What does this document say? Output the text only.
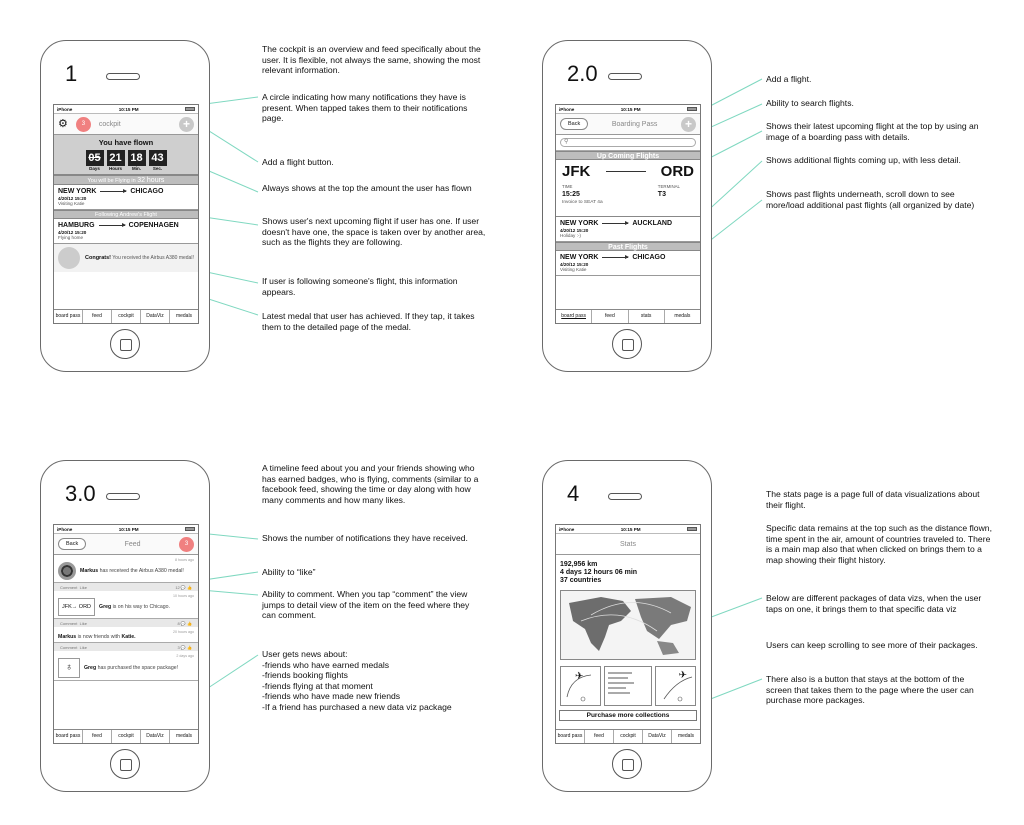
1
iPhone	10:15 PM
⚙	3	cockpit	+
You have flown
05
Days
21
Hours
18
Min.
43
Sec.
You will be Flying in 32 hours
NEW YORK	CHICAGO
4/20/12 15:20
Visiting Katie
Following Andrew's Flight
HAMBURG	COPENHAGEN
4/20/12 15:20
Flying home
Congrats! You received the Airbus A380 medal!
board pass	feed	cockpit	DataViz	medals
2.0
iPhone	10:15 PM
Back	Boarding Pass	+
⚲
Up Coming Flights
JFK	ORD
TIME
15:25
TERMINAL
T3
Invoice to SEAT 4a
NEW YORK	AUCKLAND
4/20/12 15:20
Holiday :-)
Past Flights
NEW YORK	CHICAGO
4/20/12 15:20
Visiting Katie
board pass	feed	stats	medals
3.0
iPhone	10:15 PM
Back	Feed	3
8 hours ago
Markus has received the Airbus A380 medal!
Comment Like	12 💬 👍
10 hours ago
JFK→ ORD	Greg is on his way to Chicago.
Comment Like	8 💬 👍
20 hours ago
Markus is now friends with Katie.
Comment Like	3 💬 👍
2 days ago
♁	Greg has purchased the space package!
board pass	feed	cockpit	DataViz	medals
4
iPhone	10:15 PM
Stats
192,956 km
4 days 12 hours 06 min
37 countries
✈	✈
Purchase more collections
board pass	feed	cockpit	DataViz	medals
The cockpit is an overview and feed specifically about the user. It is flexible, not always the same, showing the most relevant information.
A circle indicating how many notifications they have is present. When tapped takes them to their notifications page.
Add a flight button.
Always shows at the top the amount the user has flown
Shows user's next upcoming flight if user has one. If user doesn't have one, the space is taken over by another area, such as the flights they are following.
If user is following someone's flight, this information appears.
Latest medal that user has achieved. If they tap, it takes them to the detailed page of the medal.
Add a flight.
Ability to search flights.
Shows their latest upcoming flight at the top by using an image of a boarding pass with details.
Shows additional flights coming up, with less detail.
Shows past flights underneath, scroll down to see more/load additional past flights (all organized by date)
A timeline feed about you and your friends showing who has earned badges, who is flying, comments (similar to a facebook feed, showing the time or day along with how many comments and how many likes.
Shows the number of notifications they have received.
Ability to “like”
Ability to comment. When you tap “comment” the view jumps to detail view of the item on the feed where they can comment.
User gets news about:
-friends who have earned medals
-friends booking flights
-friends flying at that moment
-friends who have made new friends
-If a friend has purchased a new data viz package
The stats page is a page full of data visualizations about their flight.
Specific data remains at the top such as the distance flown, time spent in the air, amount of countries traveled to. There is a main map also that when clicked on brings them to a map showing their flight history.
Below are different packages of data vizs, when the user taps on one, it brings them to that specific data viz
Users can keep scrolling to see more of their packages.
There also is a button that stays at the bottom of the screen that takes them to the page where the user can purchase more packages.
